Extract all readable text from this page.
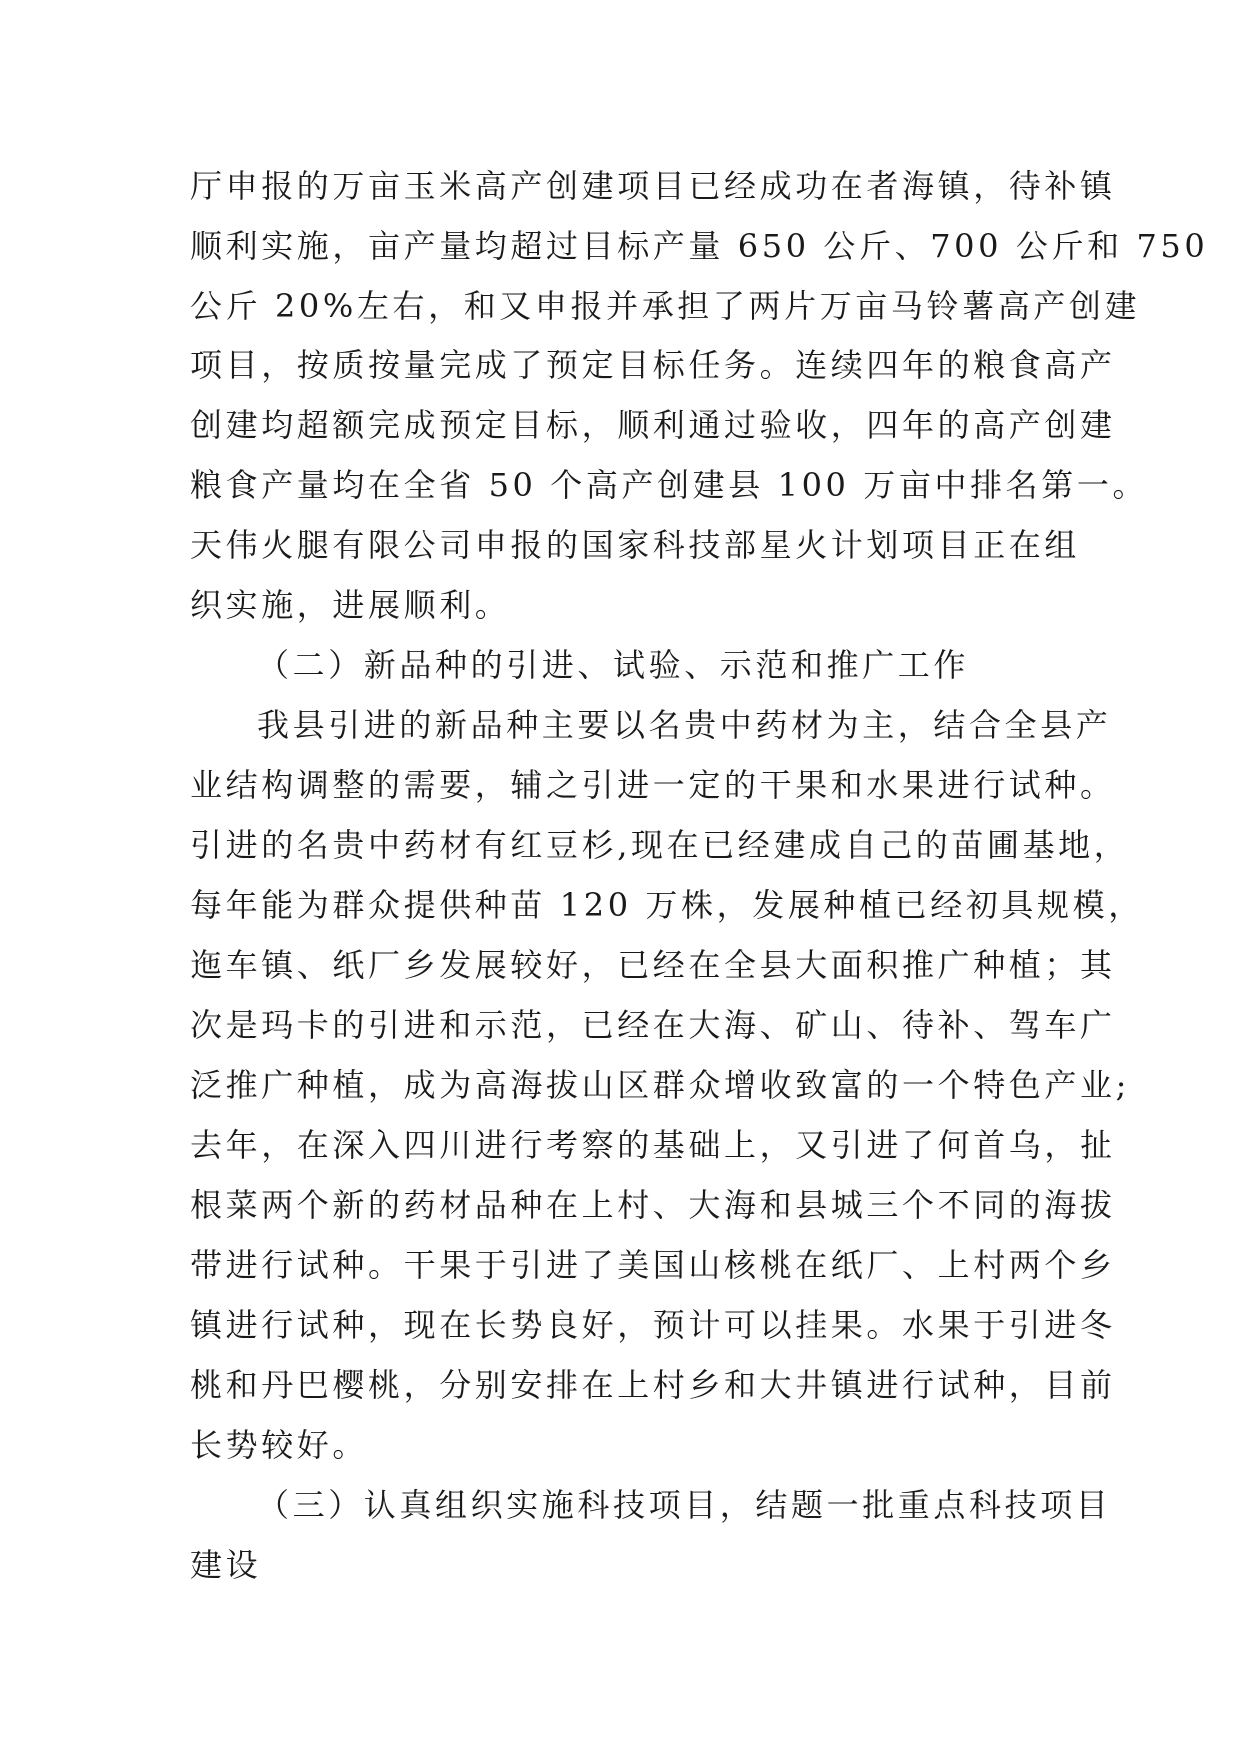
厅申报的万亩玉米高产创建项目已经成功在者海镇，待补镇
顺利实施，亩产量均超过目标产量 650 公斤、700 公斤和 750
公斤 20%左右，和又申报并承担了两片万亩马铃薯高产创建
项目，按质按量完成了预定目标任务。连续四年的粮食高产
创建均超额完成预定目标，顺利通过验收，四年的高产创建
粮食产量均在全省 50 个高产创建县 100 万亩中排名第一。
天伟火腿有限公司申报的国家科技部星火计划项目正在组
织实施，进展顺利。
（二）新品种的引进、试验、示范和推广工作
我县引进的新品种主要以名贵中药材为主，结合全县产
业结构调整的需要，辅之引进一定的干果和水果进行试种。
引进的名贵中药材有红豆杉,现在已经建成自己的苗圃基地，
每年能为群众提供种苗 120 万株，发展种植已经初具规模，
迤车镇、纸厂乡发展较好，已经在全县大面积推广种植；其
次是玛卡的引进和示范，已经在大海、矿山、待补、驾车广
泛推广种植，成为高海拔山区群众增收致富的一个特色产业;
去年，在深入四川进行考察的基础上，又引进了何首乌，扯
根菜两个新的药材品种在上村、大海和县城三个不同的海拔
带进行试种。干果于引进了美国山核桃在纸厂、上村两个乡
镇进行试种，现在长势良好，预计可以挂果。水果于引进冬
桃和丹巴樱桃，分别安排在上村乡和大井镇进行试种，目前
长势较好。
（三）认真组织实施科技项目，结题一批重点科技项目
建设
